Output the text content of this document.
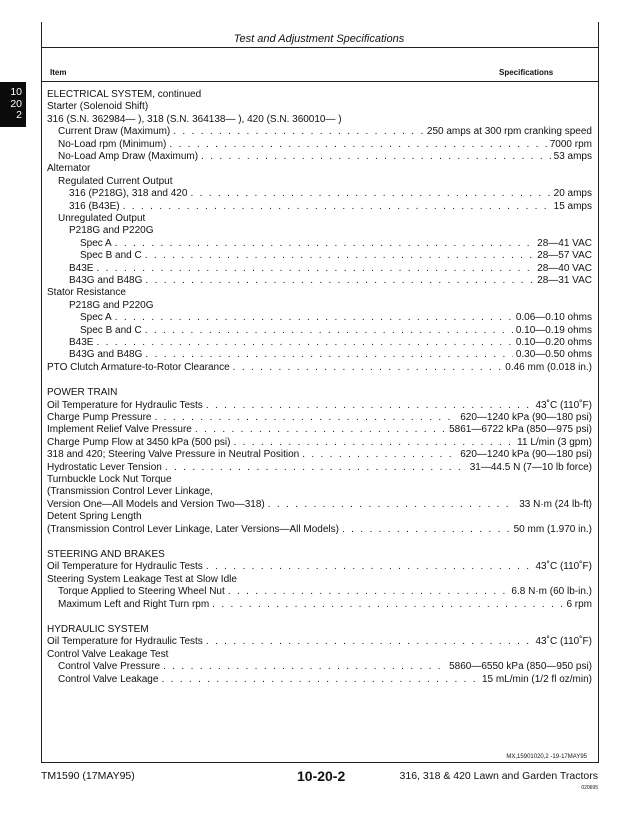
Test and Adjustment Specifications
Item	Specifications
10
20
2
ELECTRICAL SYSTEM, continued
Starter (Solenoid Shift)
316 (S.N. 362984— ), 318 (S.N. 364138— ), 420 (S.N. 360010— )
Current Draw (Maximum) . . .	250 amps at 300 rpm cranking speed
No-Load rpm (Minimum) . . .	7000 rpm
No-Load Amp Draw (Maximum) . . .	53 amps
Alternator
Regulated Current Output
316 (P218G), 318 and 420 . . .	20 amps
316 (B43E) . . .	15 amps
Unregulated Output
P218G and P220G
Spec A . . .	28—41 VAC
Spec B and C . . .	28—57 VAC
B43E . . .	28—40 VAC
B43G and B48G . . .	28—31 VAC
Stator Resistance
P218G and P220G
Spec A . . .	0.06—0.10 ohms
Spec B and C . . .	0.10—0.19 ohms
B43E . . .	0.10—0.20 ohms
B43G and B48G . . .	0.30—0.50 ohms
PTO Clutch Armature-to-Rotor Clearance . . .	0.46 mm (0.018 in.)
POWER TRAIN
Oil Temperature for Hydraulic Tests . . .	43˚C (110˚F)
Charge Pump Pressure . . .	620—1240 kPa (90—180 psi)
Implement Relief Valve Pressure . . .	5861—6722 kPa (850—975 psi)
Charge Pump Flow at 3450 kPa (500 psi) . . .	11 L/min (3 gpm)
318 and 420; Steering Valve Pressure in Neutral Position . . .	620—1240 kPa (90—180 psi)
Hydrostatic Lever Tension . . .	31—44.5 N (7—10 lb force)
Turnbuckle Lock Nut Torque
(Transmission Control Lever Linkage,
Version One—All Models and Version Two—318) . . .	33 N·m (24 lb-ft)
Detent Spring Length
(Transmission Control Lever Linkage, Later Versions—All Models) . . .	50 mm (1.970 in.)
STEERING AND BRAKES
Oil Temperature for Hydraulic Tests . . .	43˚C (110˚F)
Steering System Leakage Test at Slow Idle
Torque Applied to Steering Wheel Nut . . .	6.8 N·m (60 lb-in.)
Maximum Left and Right Turn rpm . . .	6 rpm
HYDRAULIC SYSTEM
Oil Temperature for Hydraulic Tests . . .	43˚C (110˚F)
Control Valve Leakage Test
Control Valve Pressure . . .	5860—6550 kPa (850—950 psi)
Control Valve Leakage . . .	15 mL/min (1/2 fl oz/min)
MX,15901020,2 -19-17MAY95
TM1590 (17MAY95)	10-20-2	316, 318 & 420 Lawn and Garden Tractors
020695
